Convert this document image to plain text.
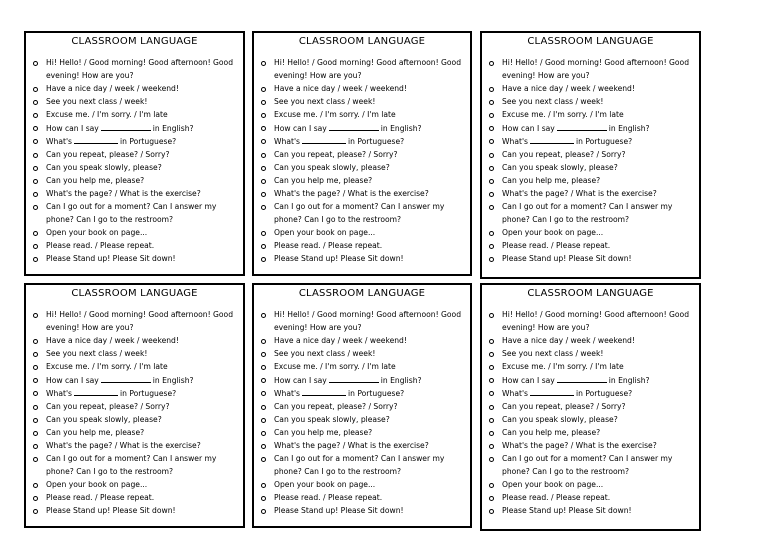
CLASSROOM LANGUAGE
Hi! Hello! / Good morning! Good afternoon! Good evening! How are you?
Have a nice day / week / weekend!
See you next class / week!
Excuse me. / I'm sorry. / I'm late
How can I say	in English?
What's	in Portuguese?
Can you repeat, please? / Sorry?
Can you speak slowly, please?
Can you help me, please?
What's the page? / What is the exercise?
Can I go out for a moment? Can I answer my phone? Can I go to the restroom?
Open your book on page...
Please read. / Please repeat.
Please Stand up! Please Sit down!
CLASSROOM LANGUAGE
Hi! Hello! / Good morning! Good afternoon! Good evening! How are you?
Have a nice day / week / weekend!
See you next class / week!
Excuse me. / I'm sorry. / I'm late
How can I say	in English?
What's	in Portuguese?
Can you repeat, please? / Sorry?
Can you speak slowly, please?
Can you help me, please?
What's the page? / What is the exercise?
Can I go out for a moment? Can I answer my phone? Can I go to the restroom?
Open your book on page...
Please read. / Please repeat.
Please Stand up! Please Sit down!
CLASSROOM LANGUAGE
Hi! Hello! / Good morning! Good afternoon! Good evening! How are you?
Have a nice day / week / weekend!
See you next class / week!
Excuse me. / I'm sorry. / I'm late
How can I say	in English?
What's	in Portuguese?
Can you repeat, please? / Sorry?
Can you speak slowly, please?
Can you help me, please?
What's the page? / What is the exercise?
Can I go out for a moment? Can I answer my phone? Can I go to the restroom?
Open your book on page...
Please read. / Please repeat.
Please Stand up! Please Sit down!
CLASSROOM LANGUAGE
Hi! Hello! / Good morning! Good afternoon! Good evening! How are you?
Have a nice day / week / weekend!
See you next class / week!
Excuse me. / I'm sorry. / I'm late
How can I say	in English?
What's	in Portuguese?
Can you repeat, please? / Sorry?
Can you speak slowly, please?
Can you help me, please?
What's the page? / What is the exercise?
Can I go out for a moment? Can I answer my phone? Can I go to the restroom?
Open your book on page...
Please read. / Please repeat.
Please Stand up! Please Sit down!
CLASSROOM LANGUAGE
Hi! Hello! / Good morning! Good afternoon! Good evening! How are you?
Have a nice day / week / weekend!
See you next class / week!
Excuse me. / I'm sorry. / I'm late
How can I say	in English?
What's	in Portuguese?
Can you repeat, please? / Sorry?
Can you speak slowly, please?
Can you help me, please?
What's the page? / What is the exercise?
Can I go out for a moment? Can I answer my phone? Can I go to the restroom?
Open your book on page...
Please read. / Please repeat.
Please Stand up! Please Sit down!
CLASSROOM LANGUAGE
Hi! Hello! / Good morning! Good afternoon! Good evening! How are you?
Have a nice day / week / weekend!
See you next class / week!
Excuse me. / I'm sorry. / I'm late
How can I say	in English?
What's	in Portuguese?
Can you repeat, please? / Sorry?
Can you speak slowly, please?
Can you help me, please?
What's the page? / What is the exercise?
Can I go out for a moment? Can I answer my phone? Can I go to the restroom?
Open your book on page...
Please read. / Please repeat.
Please Stand up! Please Sit down!
